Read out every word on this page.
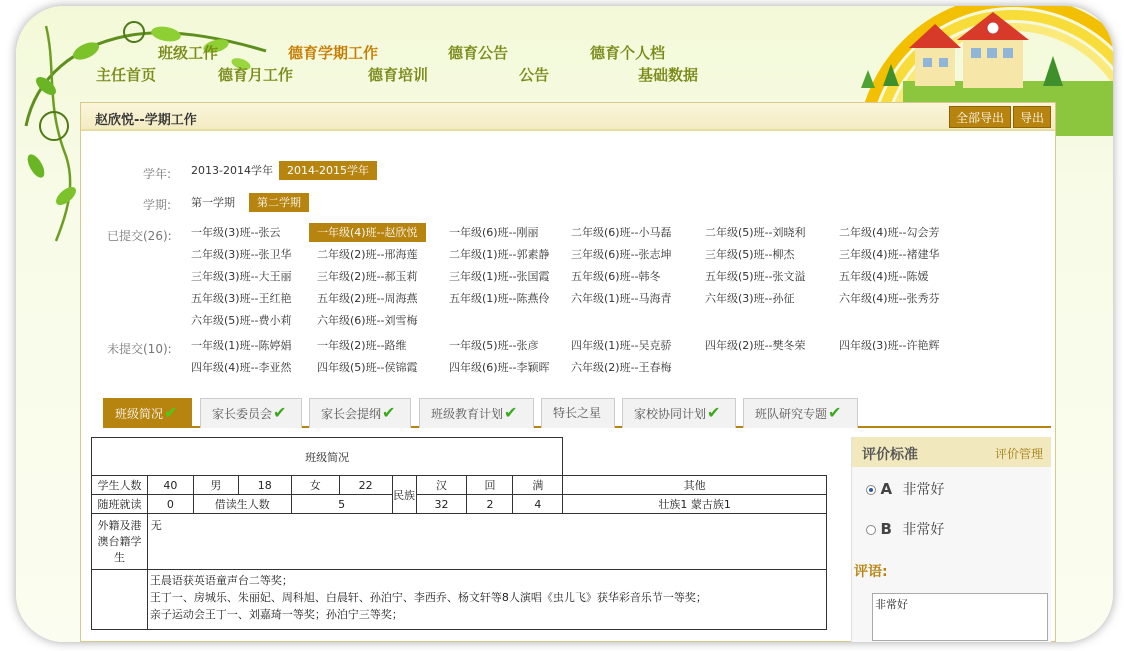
班级工作	德育学期工作	德育公告	德育个人档
主任首页	德育月工作	德育培训	公告	基础数据
赵欣悦--学期工作	全部导出	导出
学年: 2013-2014学年	2014-2015学年
学期: 第一学期	第二学期
已提交(26): 一年级(3)班--张云	一年级(4)班--赵欣悦	一年级(6)班--刚丽	二年级(6)班--小马磊	二年级(5)班--刘晓利	二年级(4)班--勾会芳
二年级(3)班--张卫华 二年级(2)班--邢海莲	二年级(1)班--郭素静 三年级(6)班--张志坤	三年级(5)班--柳杰	三年级(4)班--褚建华
三年级(3)班--大王丽 三年级(2)班--郝玉莉	三年级(1)班--张国霞 五年级(6)班--韩冬	五年级(5)班--张文溢	五年级(4)班--陈媛
五年级(3)班--王红艳 五年级(2)班--周海燕	五年级(1)班--陈燕伶 六年级(1)班--马海青	六年级(3)班--孙征	六年级(4)班--张秀芬
六年级(5)班--费小莉 六年级(6)班--刘雪梅
未提交(10): 一年级(1)班--陈婷娟 一年级(2)班--路维	一年级(5)班--张彦	四年级(1)班--吴克骄	四年级(2)班--樊冬荣	四年级(3)班--许艳辉
四年级(4)班--李亚然 四年级(5)班--侯锦霞	四年级(6)班--李颖晖 六年级(2)班--王春梅
班级简况✔	家长委员会✔	家长会提纲✔	班级教育计划✔	特长之星	家校协同计划✔	班队研究专题✔
班级简况										
学生人数	40	男	18	女	22	民族	汉	回	满	其他
随班就读	0	借读生人数		5			32	2	4	壮族1 蒙古族1
外籍及港澳台籍学生	无									

	王晨语获英语童声台二等奖；
王丁一、房城乐、朱丽妃、周科旭、白晨轩、孙泊宁、李西乔、杨文轩等8人演唱《虫儿飞》获华彩音乐节一等奖；
亲子运动会王丁一、刘嘉琦一等奖；孙泊宁三等奖；									
评价标准	评价管理
A 非常好
B 非常好
评语:
非常好
